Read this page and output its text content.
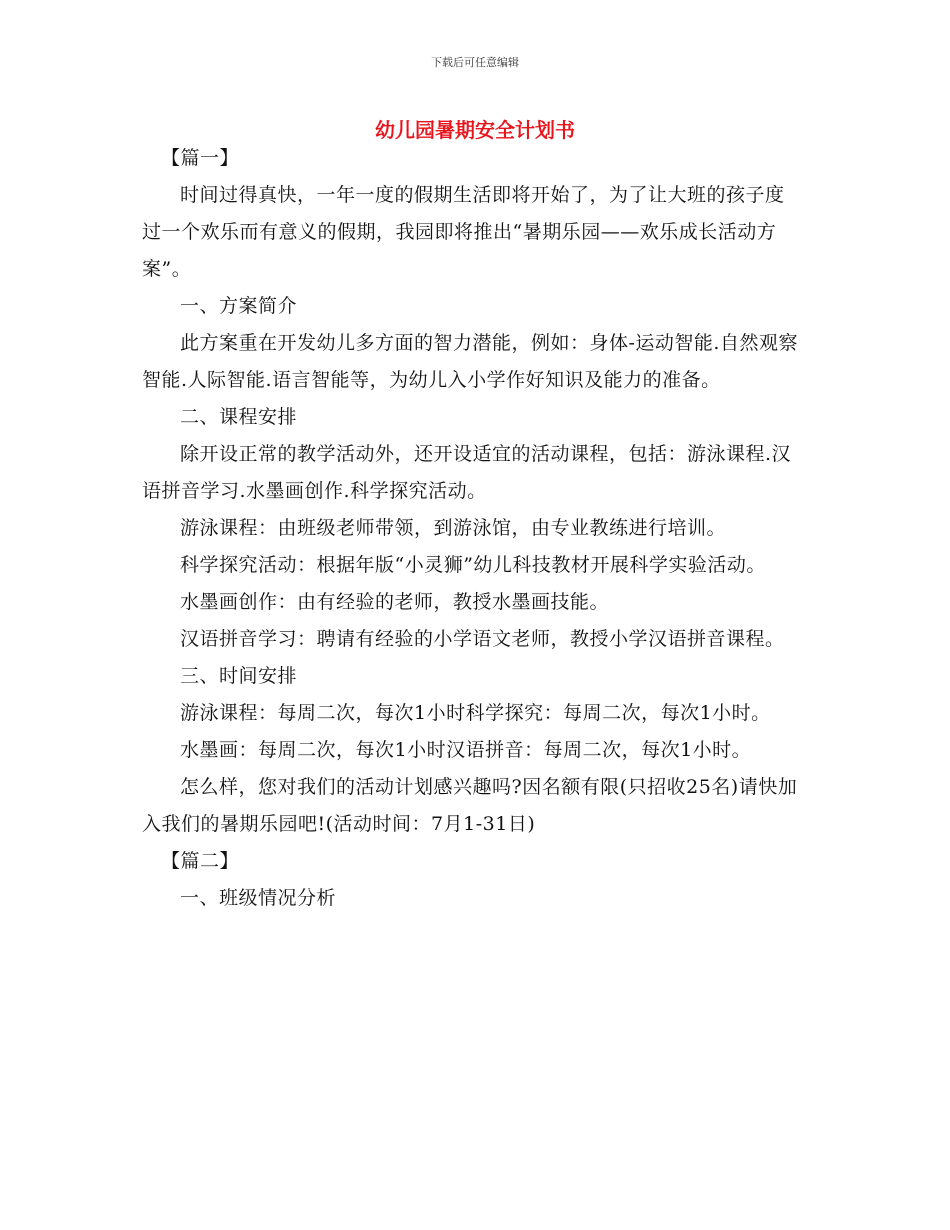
下载后可任意编辑
幼儿园暑期安全计划书

【篇一】

时间过得真快，一年一度的假期生活即将开始了，为了让大班的孩子度过一个欢乐而有意义的假期，我园即将推出“暑期乐园——欢乐成长活动方案”。

一、方案简介

此方案重在开发幼儿多方面的智力潜能，例如：身体-运动智能.自然观察智能.人际智能.语言智能等，为幼儿入小学作好知识及能力的准备。

二、课程安排

除开设正常的教学活动外，还开设适宜的活动课程，包括：游泳课程.汉语拼音学习.水墨画创作.科学探究活动。

游泳课程：由班级老师带领，到游泳馆，由专业教练进行培训。

科学探究活动：根据年版“小灵狮”幼儿科技教材开展科学实验活动。

水墨画创作：由有经验的老师，教授水墨画技能。

汉语拼音学习：聘请有经验的小学语文老师，教授小学汉语拼音课程。

三、时间安排

游泳课程：每周二次，每次1小时科学探究：每周二次，每次1小时。

水墨画：每周二次，每次1小时汉语拼音：每周二次，每次1小时。

怎么样，您对我们的活动计划感兴趣吗?因名额有限(只招收25名)请快加入我们的暑期乐园吧!(活动时间：7月1-31日)

【篇二】

一、班级情况分析
